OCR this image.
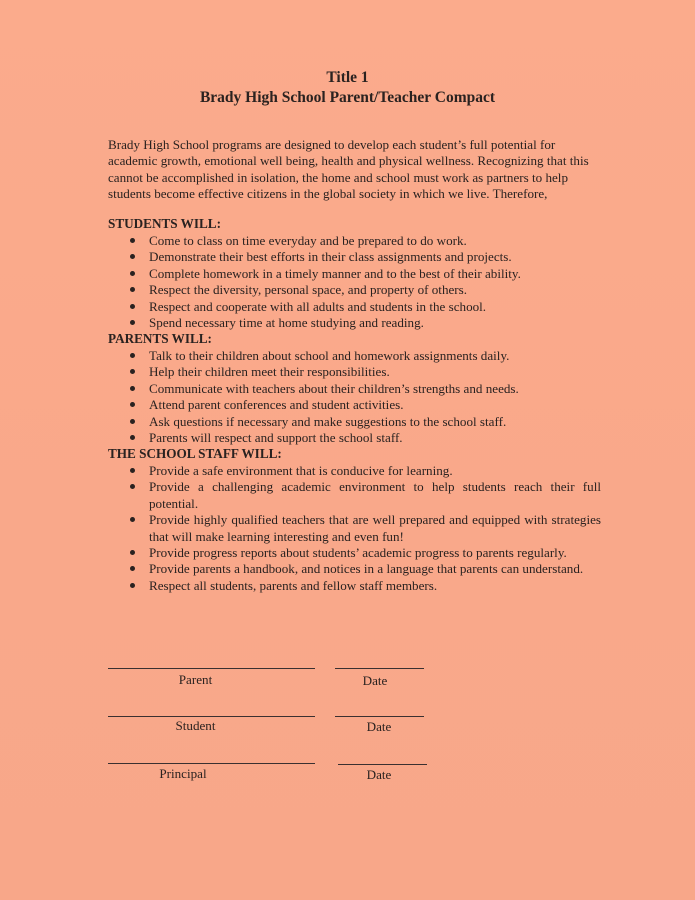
Title 1

Brady High School Parent/Teacher Compact

Brady High School programs are designed to develop each student’s full potential for academic growth, emotional well being, health and physical wellness. Recognizing that this cannot be accomplished in isolation, the home and school must work as partners to help students become effective citizens in the global society in which we live. Therefore,

STUDENTS WILL:

Come to class on time everyday and be prepared to do work.
Demonstrate their best efforts in their class assignments and projects.
Complete homework in a timely manner and to the best of their ability.
Respect the diversity, personal space, and property of others.
Respect and cooperate with all adults and students in the school.
Spend necessary time at home studying and reading.

PARENTS WILL:

Talk to their children about school and homework assignments daily.
Help their children meet their responsibilities.
Communicate with teachers about their children’s strengths and needs.
Attend parent conferences and student activities.
Ask questions if necessary and make suggestions to the school staff.
Parents will respect and support the school staff.

THE SCHOOL STAFF WILL:

Provide a safe environment that is conducive for learning.
Provide a challenging academic environment to help students reach their full potential.
Provide highly qualified teachers that are well prepared and equipped with strategies that will make learning interesting and even fun!
Provide progress reports about students’ academic progress to parents regularly.
Provide parents a handbook, and notices in a language that parents can understand.
Respect all students, parents and fellow staff members.
Parent	Date
Student	Date
Principal	Date
